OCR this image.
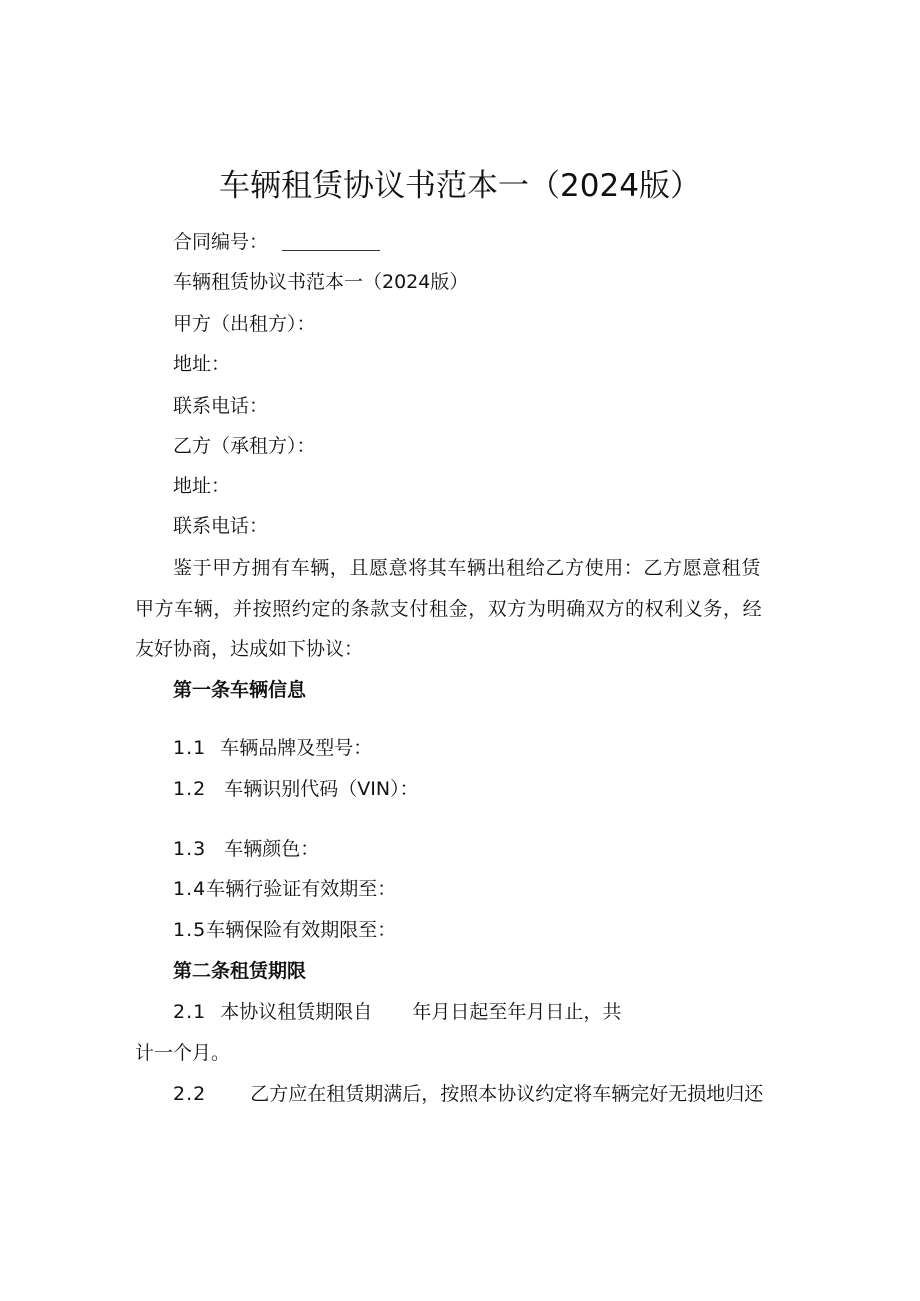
车辆租赁协议书范本一（2024版）
合同编号：
车辆租赁协议书范本一（2024版）
甲方（出租方）：
地址：
联系电话：
乙方（承租方）：
地址：
联系电话：
鉴于甲方拥有车辆，且愿意将其车辆出租给乙方使用：乙方愿意租赁
甲方车辆，并按照约定的条款支付租金，双方为明确双方的权利义务，经
友好协商，达成如下协议：
第一条车辆信息
1.1 车辆品牌及型号：
1.2 车辆识别代码（VIN）：
1.3 车辆颜色：
1.4车辆行验证有效期至：
1.5车辆保险有效期限至：
第二条租赁期限
2.1 本协议租赁期限自 年月日起至年月日止，共
计一个月。
2.2 乙方应在租赁期满后，按照本协议约定将车辆完好无损地归还
